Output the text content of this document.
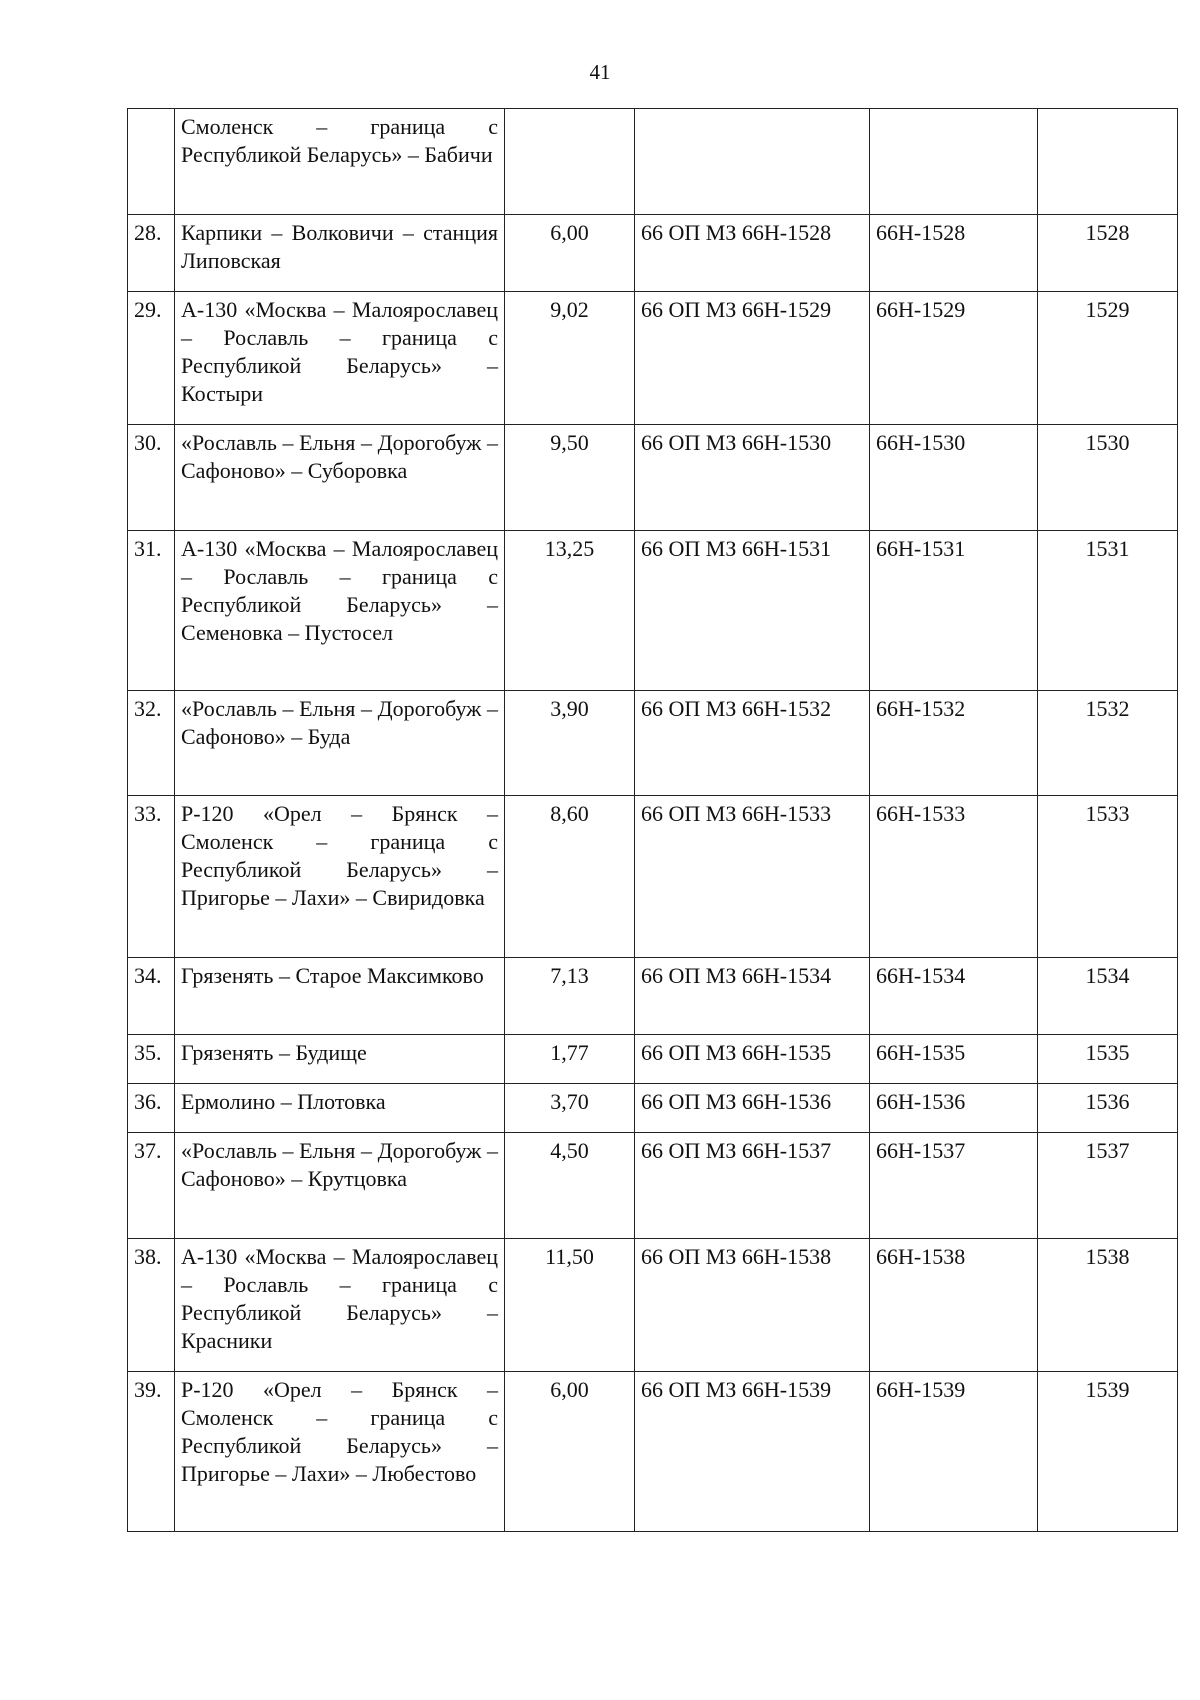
41
	Смоленск – граница с Республикой Беларусь» – Бабичи				
28.	Карпики – Волковичи – станция Липовская	6,00	66 ОП МЗ 66Н-1528	66Н-1528	1528
29.	А-130 «Москва – Малоярославец – Рославль – граница с Республикой Беларусь» – Костыри	9,02	66 ОП МЗ 66Н-1529	66Н-1529	1529
30.	«Рославль – Ельня – Дорогобуж – Сафоново» – Суборовка	9,50	66 ОП МЗ 66Н-1530	66Н-1530	1530
31.	А-130 «Москва – Малоярославец – Рославль – граница с Республикой Беларусь» – Семеновка – Пустосел	13,25	66 ОП МЗ 66Н-1531	66Н-1531	1531
32.	«Рославль – Ельня – Дорогобуж – Сафоново» – Буда	3,90	66 ОП МЗ 66Н-1532	66Н-1532	1532
33.	Р-120 «Орел – Брянск – Смоленск – граница с Республикой Беларусь» – Пригорье – Лахи» – Свиридовка	8,60	66 ОП МЗ 66Н-1533	66Н-1533	1533
34.	Грязенять – Старое Максимково	7,13	66 ОП МЗ 66Н-1534	66Н-1534	1534
35.	Грязенять – Будище	1,77	66 ОП МЗ 66Н-1535	66Н-1535	1535
36.	Ермолино – Плотовка	3,70	66 ОП МЗ 66Н-1536	66Н-1536	1536
37.	«Рославль – Ельня – Дорогобуж – Сафоново» – Крутцовка	4,50	66 ОП МЗ 66Н-1537	66Н-1537	1537
38.	А-130 «Москва – Малоярославец – Рославль – граница с Республикой Беларусь» – Красники	11,50	66 ОП МЗ 66Н-1538	66Н-1538	1538
39.	Р-120 «Орел – Брянск – Смоленск – граница с Республикой Беларусь» – Пригорье – Лахи» – Любестово	6,00	66 ОП МЗ 66Н-1539	66Н-1539	1539
